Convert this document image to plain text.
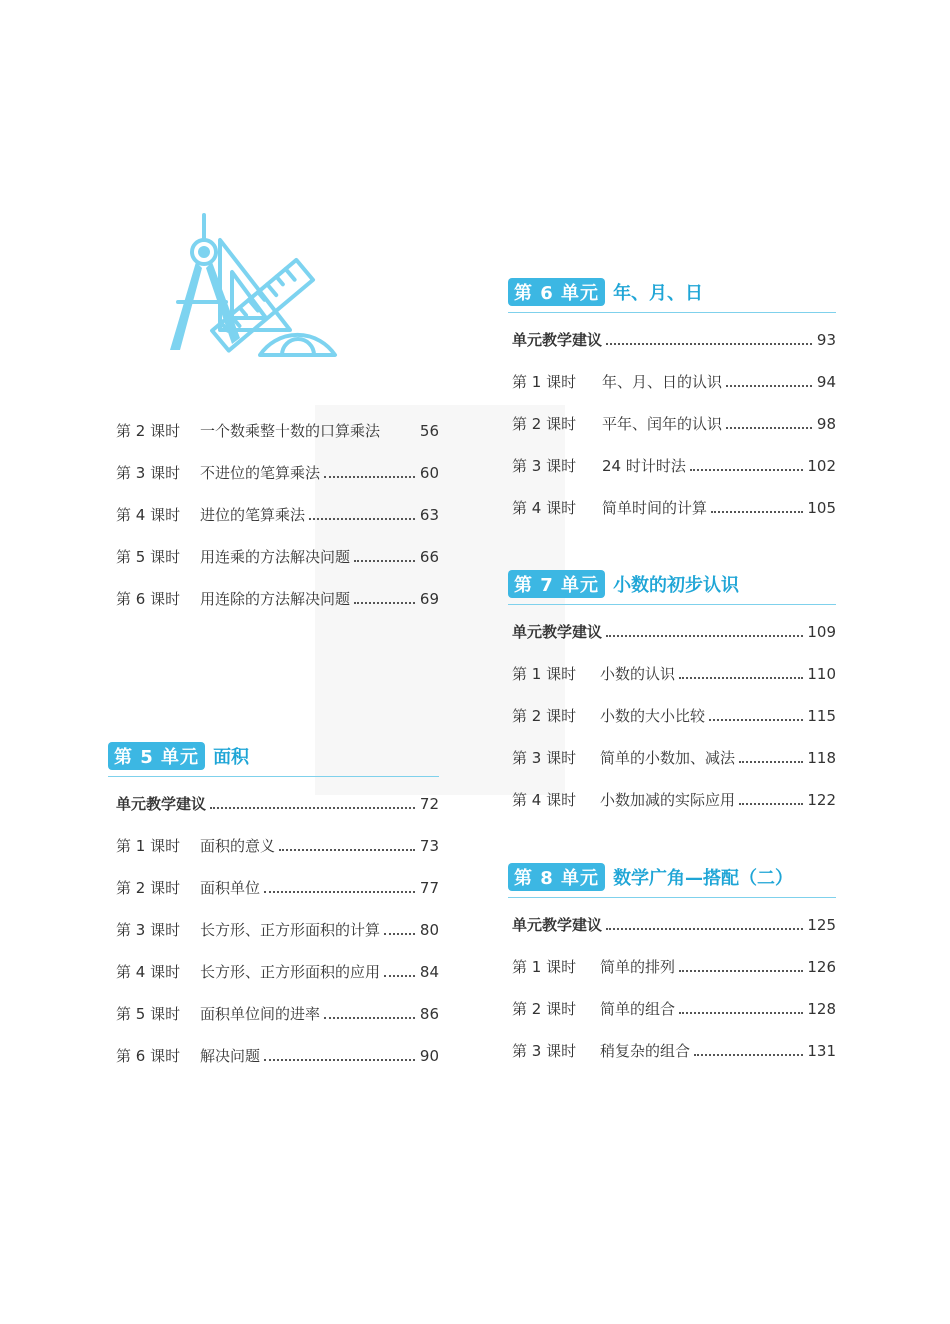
第 2 课时	一个数乘整十数的口算乘法	56
第 3 课时	不进位的笔算乘法	60
第 4 课时	进位的笔算乘法	63
第 5 课时	用连乘的方法解决问题	66
第 6 课时	用连除的方法解决问题	69
第 5 单元 面积
单元教学建议	72
第 1 课时	面积的意义	73
第 2 课时	面积单位	77
第 3 课时	长方形、正方形面积的计算	80
第 4 课时	长方形、正方形面积的应用	84
第 5 课时	面积单位间的进率	86
第 6 课时	解决问题	90
第 6 单元 年、月、日
单元教学建议	93
第 1 课时	年、月、日的认识	94
第 2 课时	平年、闰年的认识	98
第 3 课时	24 时计时法	102
第 4 课时	简单时间的计算	105
第 7 单元 小数的初步认识
单元教学建议	109
第 1 课时	小数的认识	110
第 2 课时	小数的大小比较	115
第 3 课时	简单的小数加、减法	118
第 4 课时	小数加减的实际应用	122
第 8 单元 数学广角—搭配（二）
单元教学建议	125
第 1 课时	简单的排列	126
第 2 课时	简单的组合	128
第 3 课时	稍复杂的组合	131
